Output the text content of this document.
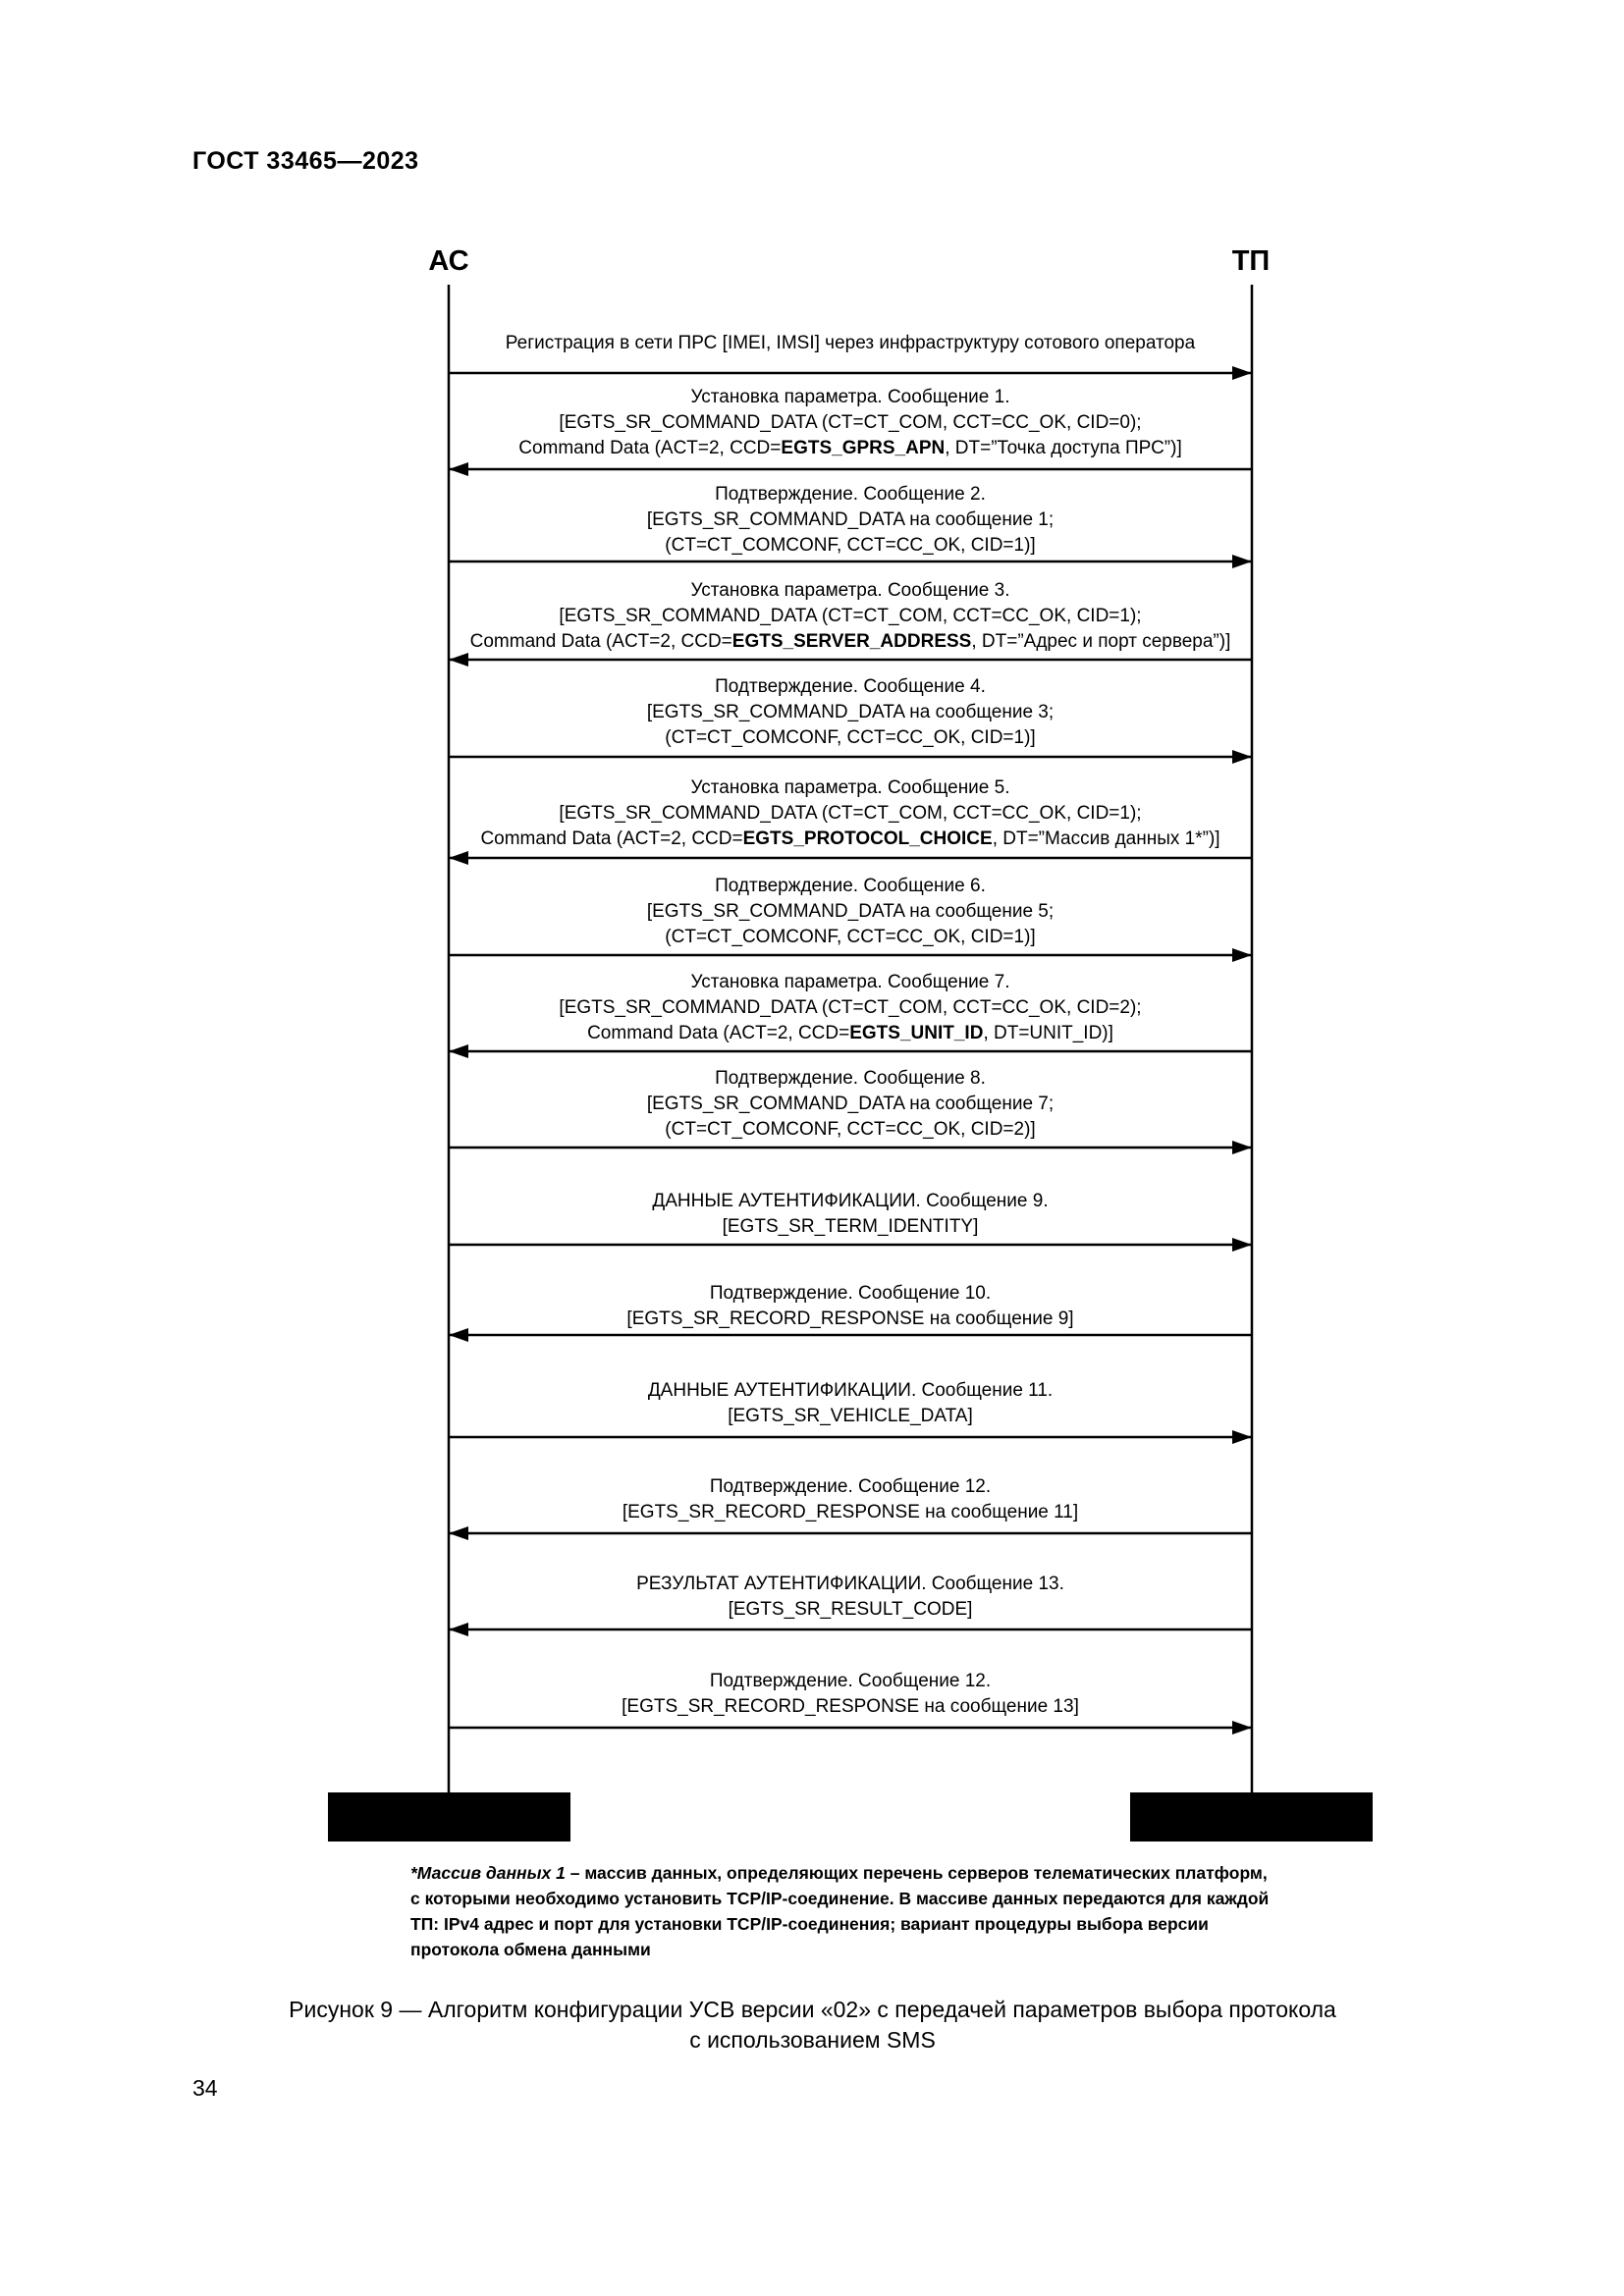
ГОСТ 33465—2023
АС	ТП
Регистрация в сети ПРС [IMEI, IMSI] через инфраструктуру сотового оператора
Установка параметра. Сообщение 1.
[EGTS_SR_COMMAND_DATA (CT=CT_COM, CCT=CC_OK, CID=0);
Command Data (ACT=2, CCD=EGTS_GPRS_APN, DT=”Точка доступа ПРС”)]
Подтверждение. Сообщение 2.
[EGTS_SR_COMMAND_DATA на сообщение 1;
(CT=CT_COMCONF, CCT=CC_OK, CID=1)]
Установка параметра. Сообщение 3.
[EGTS_SR_COMMAND_DATA (CT=CT_COM, CCT=CC_OK, CID=1);
Command Data (ACT=2, CCD=EGTS_SERVER_ADDRESS, DT=”Адрес и порт сервера”)]
Подтверждение. Сообщение 4.
[EGTS_SR_COMMAND_DATA на сообщение 3;
(CT=CT_COMCONF, CCT=CC_OK, CID=1)]
Установка параметра. Сообщение 5.
[EGTS_SR_COMMAND_DATA (CT=CT_COM, CCT=CC_OK, CID=1);
Command Data (ACT=2, CCD=EGTS_PROTOCOL_CHOICE, DT=”Массив данных 1*”)]
Подтверждение. Сообщение 6.
[EGTS_SR_COMMAND_DATA на сообщение 5;
(CT=CT_COMCONF, CCT=CC_OK, CID=1)]
Установка параметра. Сообщение 7.
[EGTS_SR_COMMAND_DATA (CT=CT_COM, CCT=CC_OK, CID=2);
Command Data (ACT=2, CCD=EGTS_UNIT_ID, DT=UNIT_ID)]
Подтверждение. Сообщение 8.
[EGTS_SR_COMMAND_DATA на сообщение 7;
(CT=CT_COMCONF, CCT=CC_OK, CID=2)]
ДАННЫЕ АУТЕНТИФИКАЦИИ. Сообщение 9.
[EGTS_SR_TERM_IDENTITY]
Подтверждение. Сообщение 10.
[EGTS_SR_RECORD_RESPONSE на сообщение 9]
ДАННЫЕ АУТЕНТИФИКАЦИИ. Сообщение 11.
[EGTS_SR_VEHICLE_DATA]
Подтверждение. Сообщение 12.
[EGTS_SR_RECORD_RESPONSE на сообщение 11]
РЕЗУЛЬТАТ АУТЕНТИФИКАЦИИ. Сообщение 13.
[EGTS_SR_RESULT_CODE]
Подтверждение. Сообщение 12.
[EGTS_SR_RECORD_RESPONSE на сообщение 13]
*Массив данных 1 – массив данных, определяющих перечень серверов телематических платформ,
с которыми необходимо установить TCP/IP-соединение. В массиве данных передаются для каждой
ТП: IPv4 адрес и порт для установки TCP/IP-соединения; вариант процедуры выбора версии
протокола обмена данными
Рисунок 9 — Алгоритм конфигурации УСВ версии «02» с передачей параметров выбора протокола
с использованием SMS
34
